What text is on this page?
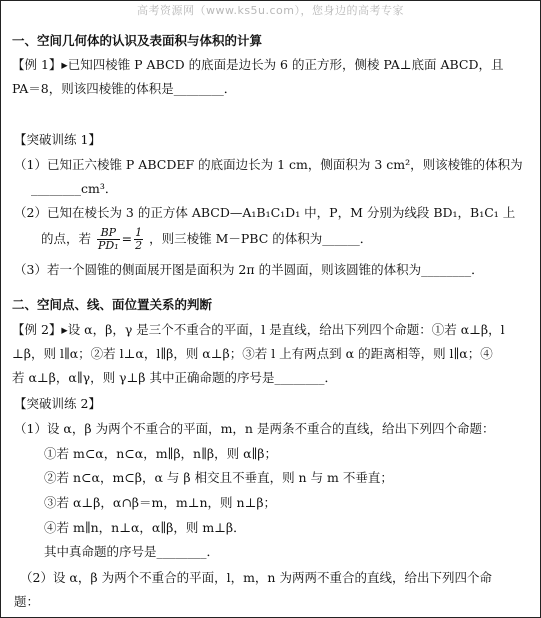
高考资源网（www.ks5u.com），您身边的高考专家
一、空间几何体的认识及表面积与体积的计算
【例 1】▸已知四棱锥 P ABCD 的底面是边长为 6 的正方形，侧棱 PA⊥底面 ABCD，且
PA＝8，则该四棱锥的体积是________．
【突破训练 1】
（1）已知正六棱锥 P ABCDEF 的底面边长为 1 cm，侧面积为 3 cm²，则该棱锥的体积为
________cm³．
（2）已知在棱长为 3 的正方体 ABCD—A₁B₁C₁D₁ 中，P，M 分别为线段 BD₁，B₁C₁ 上
的点，若 $\frac{BP}{\text{PD₁}} = \frac{1}{2}$ ，则三棱锥 M－PBC 的体积为______．
（3）若一个圆锥的侧面展开图是面积为 2π 的半圆面，则该圆锥的体积为________．
二、空间点、线、面位置关系的判断
【例 2】▸设 α，β，γ 是三个不重合的平面，l 是直线，给出下列四个命题：①若 α⊥β，l
⊥β，则 l∥α；②若 l⊥α，l∥β，则 α⊥β；③若 l 上有两点到 α 的距离相等，则 l∥α；④
若 α⊥β，α∥γ，则 γ⊥β 其中正确命题的序号是________．
【突破训练 2】
（1）设 α，β 为两个不重合的平面，m，n 是两条不重合的直线，给出下列四个命题：
①若 m⊂α，n⊂α，m∥β，n∥β，则 α∥β；
②若 n⊂α，m⊂β，α 与 β 相交且不垂直，则 n 与 m 不垂直；
③若 α⊥β，α∩β＝m，m⊥n，则 n⊥β；
④若 m∥n，n⊥α，α∥β，则 m⊥β．
其中真命题的序号是________．
（2）设 α，β 为两个不重合的平面，l，m，n 为两两不重合的直线，给出下列四个命
题：
